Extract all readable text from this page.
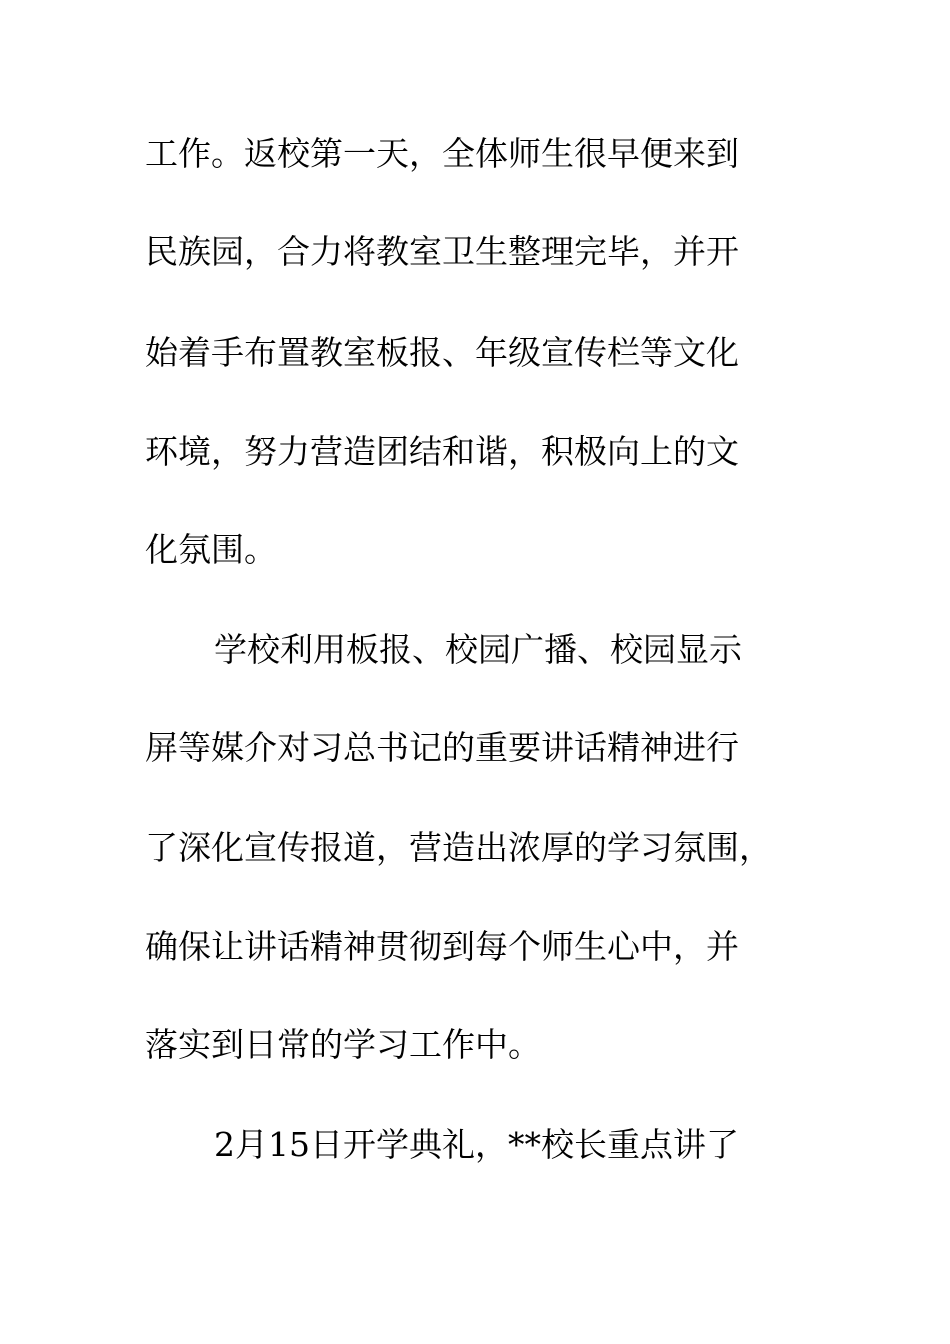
工作。返校第一天，全体师生很早便来到

民族园，合力将教室卫生整理完毕，并开

始着手布置教室板报、年级宣传栏等文化

环境，努力营造团结和谐，积极向上的文

化氛围。

学校利用板报、校园广播、校园显示

屏等媒介对习总书记的重要讲话精神进行

了深化宣传报道，营造出浓厚的学习氛围，

确保让讲话精神贯彻到每个师生心中，并

落实到日常的学习工作中。

2月15日开学典礼，**校长重点讲了
